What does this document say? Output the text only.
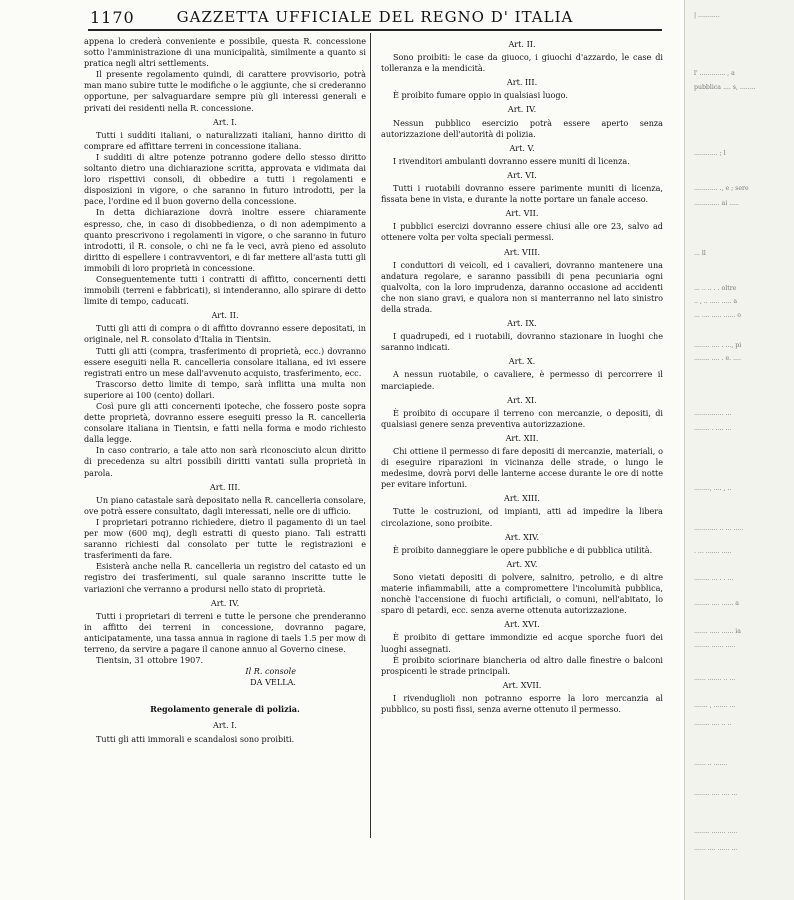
1170	GAZZETTA UFFICIALE DEL REGNO D' ITALIA

appena lo crederà conveniente e possibile, questa R. concessione sotto l'amministrazione di una municipalità, similmente a quanto si pratica negli altri settlements.

Il presente regolamento quindi, di carattere provvisorio, potrà man mano subire tutte le modifiche o le aggiunte, che si crederanno opportune, per salvaguardare sempre più gli interessi generali e privati dei residenti nella R. concessione.

Art. I.

Tutti i sudditi italiani, o naturalizzati italiani, hanno diritto di comprare ed affittare terreni in concessione italiana.

I sudditi di altre potenze potranno godere dello stesso diritto soltanto dietro una dichiarazione scritta, approvata e vidimata dai loro rispettivi consoli, di obbedire a tutti i regolamenti e disposizioni in vigore, o che saranno in futuro introdotti, per la pace, l'ordine ed il buon governo della concessione.

In detta dichiarazione dovrà inoltre essere chiaramente espresso, che, in caso di disobbedienza, o di non adempimento a quanto prescrivono i regolamenti in vigore, o che saranno in futuro introdotti, il R. console, o chi ne fa le veci, avrà pieno ed assoluto diritto di espellere i contravventori, e di far mettere all'asta tutti gli immobili di loro proprietà in concessione.

Conseguentemente tutti i contratti di affitto, concernenti detti immobili (terreni e fabbricati), si intenderanno, allo spirare di detto limite di tempo, caducati.

Art. II.

Tutti gli atti di compra o di affitto dovranno essere depositati, in originale, nel R. consolato d'Italia in Tientsin.

Tutti gli atti (compra, trasferimento di proprietà, ecc.) dovranno essere eseguiti nella R. cancelleria consolare italiana, ed ivi essere registrati entro un mese dall'avvenuto acquisto, trasferimento, ecc.

Trascorso detto limite di tempo, sarà inflitta una multa non superiore ai 100 (cento) dollari.

Così pure gli atti concernenti ipoteche, che fossero poste sopra dette proprietà, dovranno essere eseguiti presso la R. cancelleria consolare italiana in Tientsin, e fatti nella forma e modo richiesto dalla legge.

In caso contrario, a tale atto non sarà riconosciuto alcun diritto di precedenza su altri possibili diritti vantati sulla proprietà in parola.

Art. III.

Un piano catastale sarà depositato nella R. cancelleria consolare, ove potrà essere consultato, dagli interessati, nelle ore di ufficio.

I proprietari potranno richiedere, dietro il pagamento di un tael per mow (600 mq), degli estratti di questo piano. Tali estratti saranno richiesti dal consolato per tutte le registrazioni e trasferimenti da fare.

Esisterà anche nella R. cancelleria un registro del catasto ed un registro dei trasferimenti, sul quale saranno inscritte tutte le variazioni che verranno a prodursi nello stato di proprietà.

Art. IV.

Tutti i proprietari di terreni e tutte le persone che prenderanno in affitto dei terreni in concessione, dovranno pagare, anticipatamente, una tassa annua in ragione di taels 1.5 per mow di terreno, da servire a pagare il canone annuo al Governo cinese.

Tientsin, 31 ottobre 1907.

Il R. console

DA VELLA.

Regolamento generale di polizia.

Art. I.

Tutti gli atti immorali e scandalosi sono proibiti.

Art. II.

Sono proibiti: le case da giuoco, i giuochi d'azzardo, le case di tolleranza e la mendicità.

Art. III.

È proibito fumare oppio in qualsiasi luogo.

Art. IV.

Nessun pubblico esercizio potrà essere aperto senza autorizzazione dell'autorità di polizia.

Art. V.

I rivenditori ambulanti dovranno essere muniti di licenza.

Art. VI.

Tutti i ruotabili dovranno essere parimente muniti di licenza, fissata bene in vista, e durante la notte portare un fanale acceso.

Art. VII.

I pubblici esercizi dovranno essere chiusi alle ore 23, salvo ad ottenere volta per volta speciali permessi.

Art. VIII.

I conduttori di veicoli, ed i cavalieri, dovranno mantenere una andatura regolare, e saranno passibili di pena pecuniaria ogni qualvolta, con la loro imprudenza, daranno occasione ad accidenti che non siano gravi, e qualora non si manterranno nel lato sinistro della strada.

Art. IX.

I quadrupedi, ed i ruotabili, dovranno stazionare in luoghi che saranno indicati.

Art. X.

A nessun ruotabile, o cavaliere, è permesso di percorrere il marciapiede.

Art. XI.

È proibito di occupare il terreno con mercanzie, o depositi, di qualsiasi genere senza preventiva autorizzazione.

Art. XII.

Chi ottiene il permesso di fare depositi di mercanzie, materiali, o di eseguire riparazioni in vicinanza delle strade, o lungo le medesime, dovrà porvi delle lanterne accese durante le ore di notte per evitare infortuni.

Art. XIII.

Tutte le costruzioni, od impianti, atti ad impedire la libera circolazione, sono proibite.

Art. XIV.

È proibito danneggiare le opere pubbliche e di pubblica utilità.

Art. XV.

Sono vietati depositi di polvere, salnitro, petrolio, e di altre materie infiammabili, atte a compromettere l'incolumità pubblica, nonchè l'accensione di fuochi artificiali, o comuni, nell'abitato, lo sparo di petardi, ecc. senza averne ottenuta autorizzazione.

Art. XVI.

È proibito di gettare immondizie ed acque sporche fuori dei luoghi assegnati.

È proibito sciorinare biancheria od altro dalle finestre o balconi prospicenti le strade principali.

Art. XVII.

I rivenduglioli non potranno esporre la loro mercanzia al pubblico, su posti fissi, senza averne ottenuto il permesso.

| ...........
l' ............. , a
pubblica .... s, ........
............ ; l
............ ., e ; sere
............. ai .....
... ll
... .. .. . . oltre
.. , .. ..... ..... a
... .... ..... ...... o
........ .... . ..., pi
........ .... . e. ....
............... ...
........ . .... ...
........, .... , ..
............ .. ... .....
. ... ....... .....
........ ... . . ...
........ .... ...... a
....... ..... ...... ia
........ ...... .....
...... ....... .. ...
....... , ....... ...
........ .... .. ..
...... .. .......
........ .... .... ...
........ ....... .....
...... .... ...... ...
